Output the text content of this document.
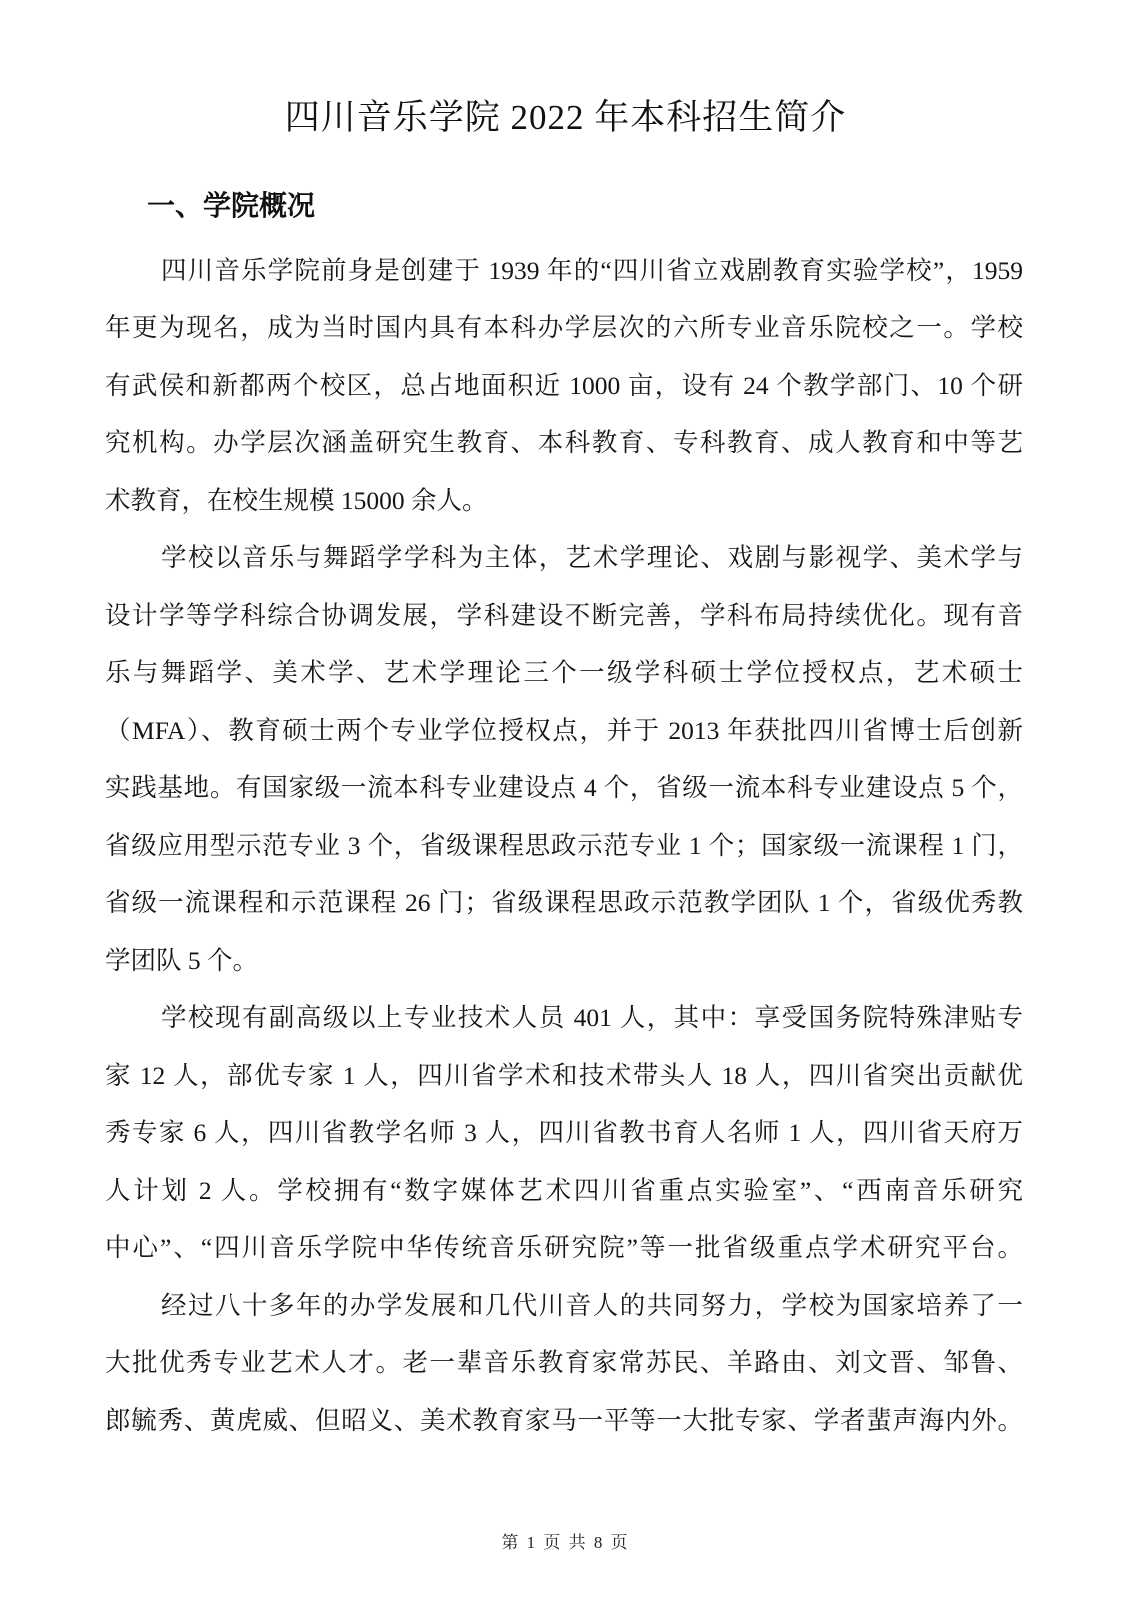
四川音乐学院 2022 年本科招生简介
一、学院概况
四川音乐学院前身是创建于 1939 年的“四川省立戏剧教育实验学校”，1959
年更为现名，成为当时国内具有本科办学层次的六所专业音乐院校之一。学校
有武侯和新都两个校区，总占地面积近 1000 亩，设有 24 个教学部门、10 个研
究机构。办学层次涵盖研究生教育、本科教育、专科教育、成人教育和中等艺
术教育，在校生规模 15000 余人。
学校以音乐与舞蹈学学科为主体，艺术学理论、戏剧与影视学、美术学与
设计学等学科综合协调发展，学科建设不断完善，学科布局持续优化。现有音
乐与舞蹈学、美术学、艺术学理论三个一级学科硕士学位授权点，艺术硕士
（MFA）、教育硕士两个专业学位授权点，并于 2013 年获批四川省博士后创新
实践基地。有国家级一流本科专业建设点 4 个，省级一流本科专业建设点 5 个，
省级应用型示范专业 3 个，省级课程思政示范专业 1 个；国家级一流课程 1 门，
省级一流课程和示范课程 26 门；省级课程思政示范教学团队 1 个，省级优秀教
学团队 5 个。
学校现有副高级以上专业技术人员 401 人，其中：享受国务院特殊津贴专
家 12 人，部优专家 1 人，四川省学术和技术带头人 18 人，四川省突出贡献优
秀专家 6 人，四川省教学名师 3 人，四川省教书育人名师 1 人，四川省天府万
人计划 2 人。学校拥有“数字媒体艺术四川省重点实验室”、“西南音乐研究
中心”、“四川音乐学院中华传统音乐研究院”等一批省级重点学术研究平台。
经过八十多年的办学发展和几代川音人的共同努力，学校为国家培养了一
大批优秀专业艺术人才。老一辈音乐教育家常苏民、羊路由、刘文晋、邹鲁、
郎毓秀、黄虎威、但昭义、美术教育家马一平等一大批专家、学者蜚声海内外。
第 1 页 共 8 页
